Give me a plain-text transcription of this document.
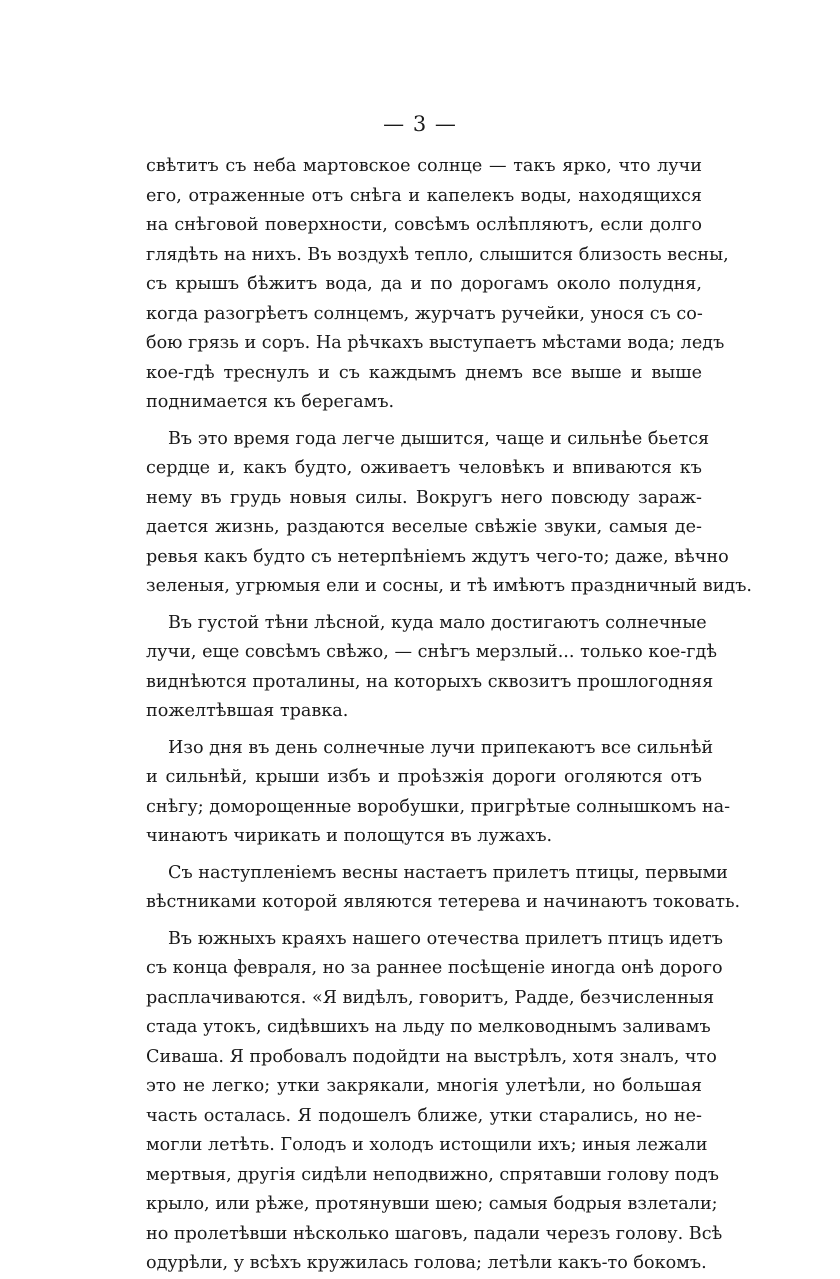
— 3 —
свѣтитъ съ неба мартовское солнце — такъ ярко, что лучи
его, отраженные отъ снѣга и капелекъ воды, находящихся
на снѣговой поверхности, совсѣмъ ослѣпляютъ, если долго
глядѣть на нихъ. Въ воздухѣ тепло, слышится близость весны,
съ крышъ бѣжитъ вода, да и по дорогамъ около полудня,
когда разогрѣетъ солнцемъ, журчатъ ручейки, унося съ со-
бою грязь и соръ. На рѣчкахъ выступаетъ мѣстами вода; ледъ
кое-гдѣ треснулъ и съ каждымъ днемъ все выше и выше
поднимается къ берегамъ.
Въ это время года легче дышится, чаще и сильнѣе бьется
сердце и, какъ будто, оживаетъ человѣкъ и впиваются къ
нему въ грудь новыя силы. Вокругъ него повсюду зараж-
дается жизнь, раздаются веселые свѣжіе звуки, самыя де-
ревья какъ будто съ нетерпѣніемъ ждутъ чего-то; даже, вѣчно
зеленыя, угрюмыя ели и сосны, и тѣ имѣютъ праздничный видъ.
Въ густой тѣни лѣсной, куда мало достигаютъ солнечные
лучи, еще совсѣмъ свѣжо, — снѣгъ мерзлый... только кое-гдѣ
виднѣются проталины, на которыхъ сквозитъ прошлогодняя
пожелтѣвшая травка.
Изо дня въ день солнечные лучи припекаютъ все сильнѣй
и сильнѣй, крыши избъ и проѣзжія дороги оголяются отъ
снѣгу; доморощенные воробушки, пригрѣтые солнышкомъ на-
чинаютъ чирикать и полощутся въ лужахъ.
Съ наступленіемъ весны настаетъ прилетъ птицы, первыми
вѣстниками которой являются тетерева и начинаютъ токовать.
Въ южныхъ краяхъ нашего отечества прилетъ птицъ идетъ
съ конца февраля, но за раннее посѣщеніе иногда онѣ дорого
расплачиваются. «Я видѣлъ, говоритъ, Радде, безчисленныя
стада утокъ, сидѣвшихъ на льду по мелководнымъ заливамъ
Сиваша. Я пробовалъ подойдти на выстрѣлъ, хотя зналъ, что
это не легко; утки закрякали, многія улетѣли, но большая
часть осталась. Я подошелъ ближе, утки старались, но не-
могли летѣть. Голодъ и холодъ истощили ихъ; иныя лежали
мертвыя, другія сидѣли неподвижно, спрятавши голову подъ
крыло, или рѣже, протянувши шею; самыя бодрыя взлетали;
но пролетѣвши нѣсколько шаговъ, падали черезъ голову. Всѣ
одурѣли, у всѣхъ кружилась голова; летѣли какъ-то бокомъ.
